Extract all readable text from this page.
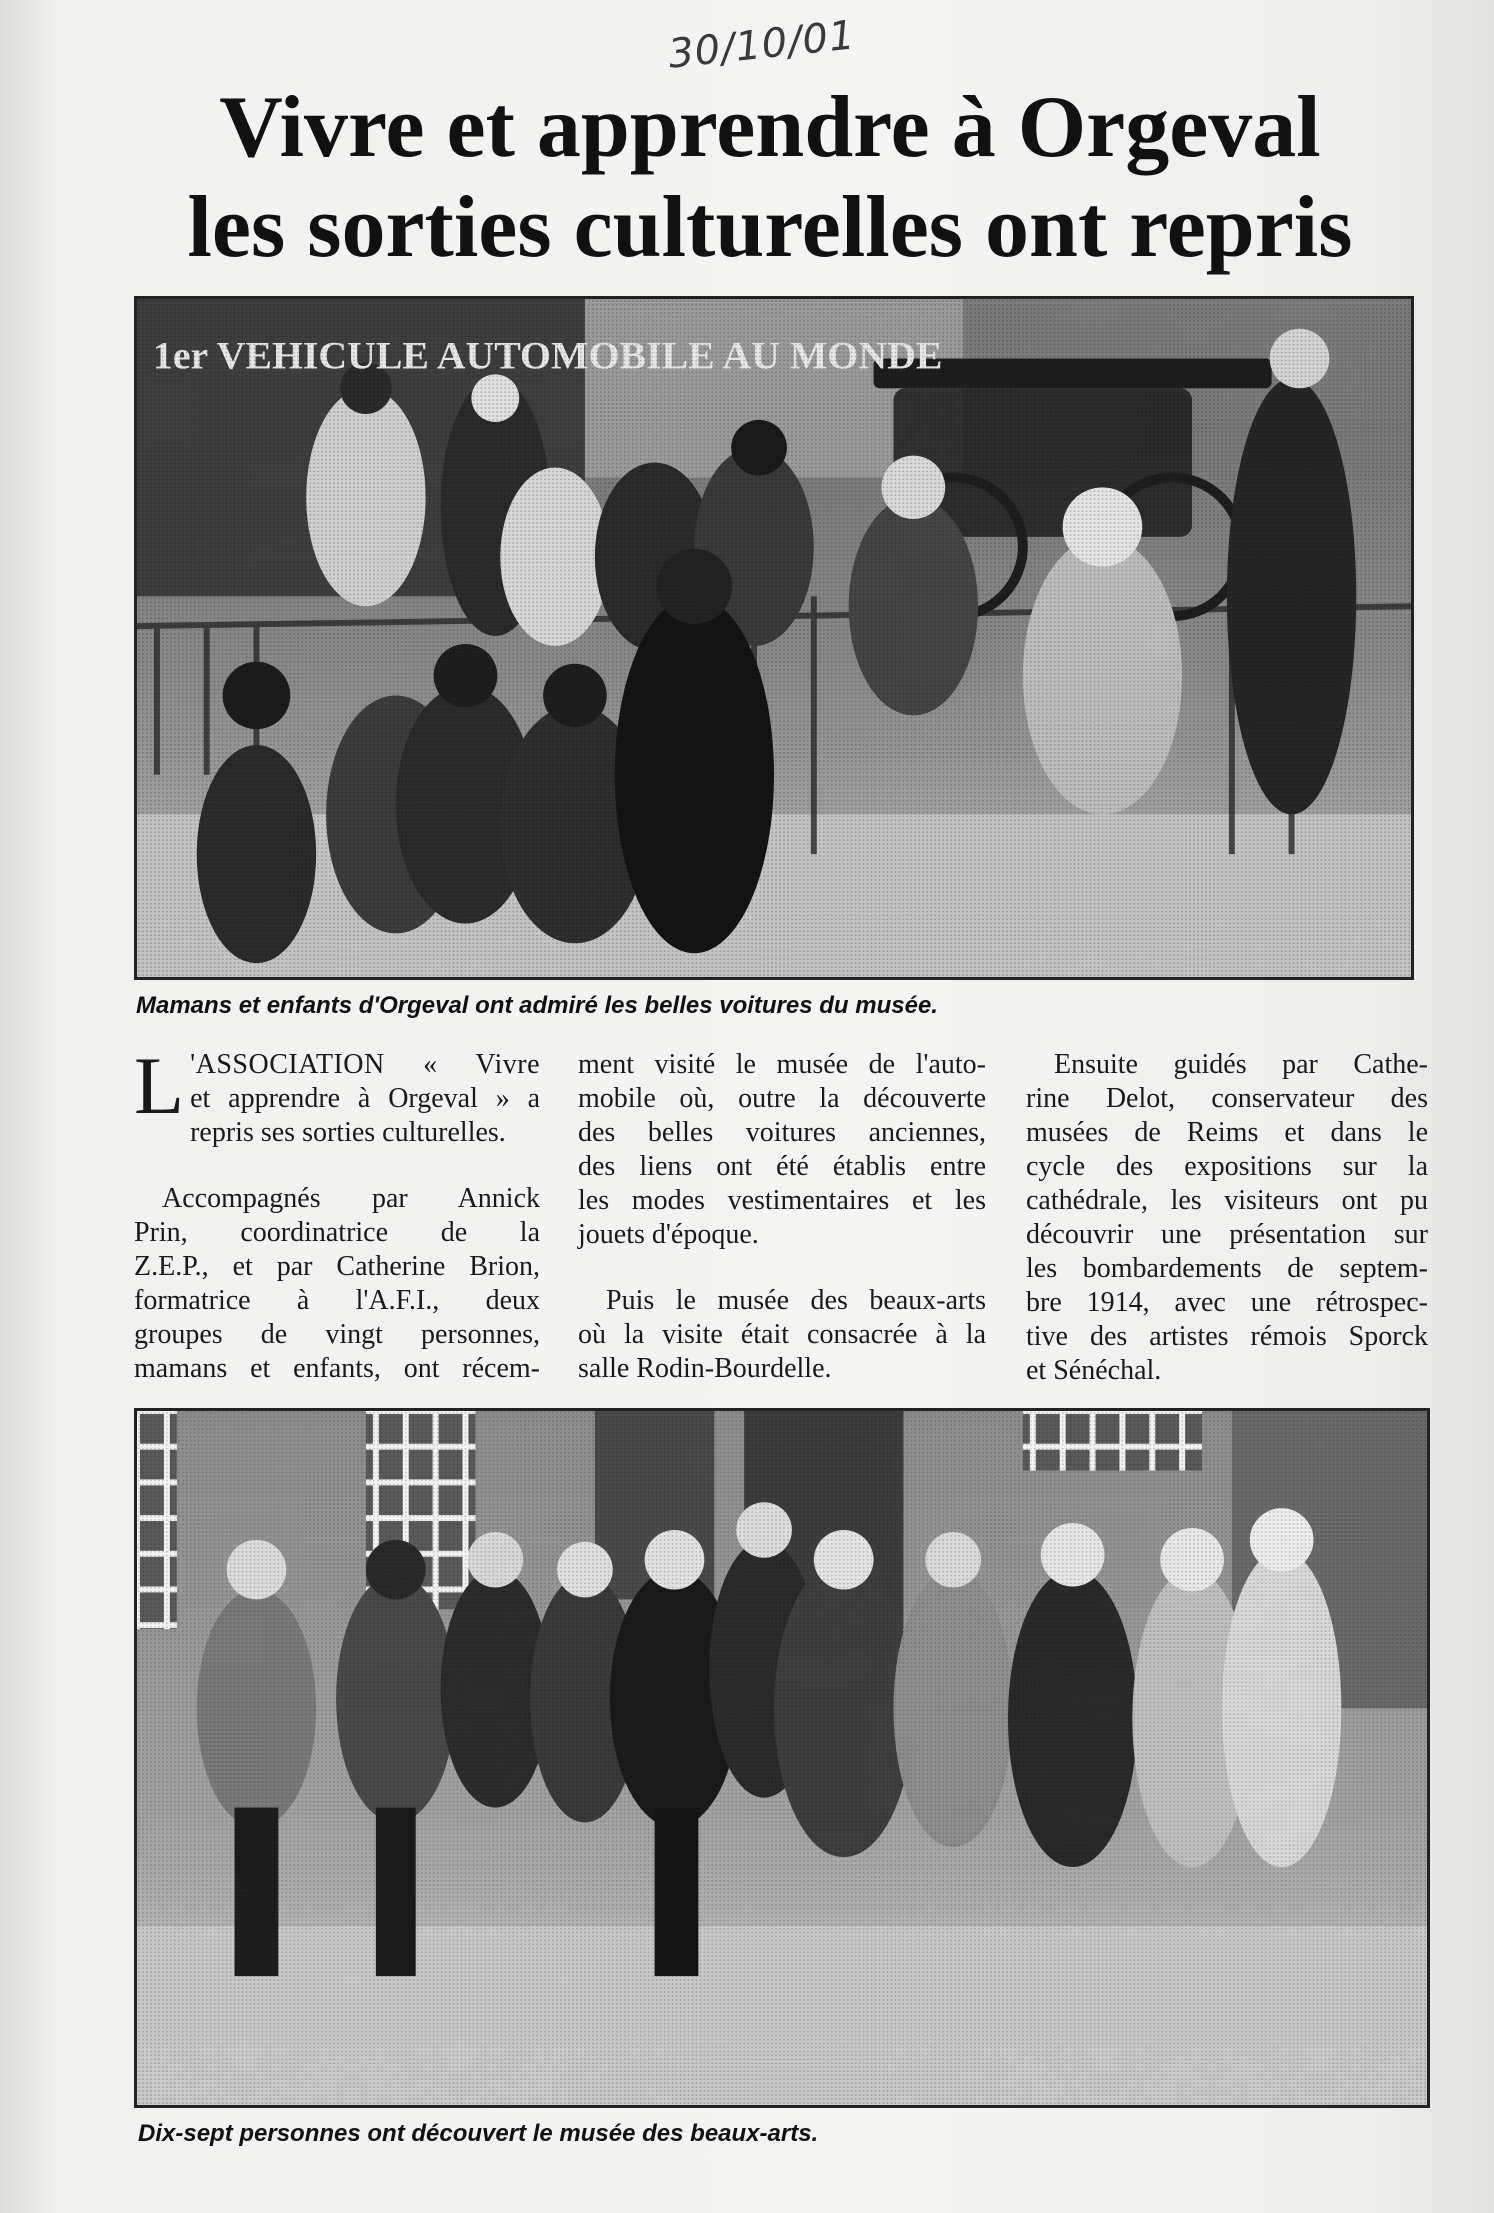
30/10/01
Vivre et apprendre à Orgeval
les sorties culturelles ont repris
Mamans et enfants d'Orgeval ont admiré les belles voitures du musée.

L 'ASSOCIATION « Vivre
et apprendre à Orgeval » a
repris ses sorties culturelles.

Accompagnés par Annick
Prin, coordinatrice de la
Z.E.P., et par Catherine Brion,
formatrice à l'A.F.I., deux
groupes de vingt personnes,
mamans et enfants, ont récem-

ment visité le musée de l'auto-
mobile où, outre la découverte
des belles voitures anciennes,
des liens ont été établis entre
les modes vestimentaires et les
jouets d'époque.

Puis le musée des beaux-arts
où la visite était consacrée à la
salle Rodin-Bourdelle.

Ensuite guidés par Cathe-
rine Delot, conservateur des
musées de Reims et dans le
cycle des expositions sur la
cathédrale, les visiteurs ont pu
découvrir une présentation sur
les bombardements de septem-
bre 1914, avec une rétrospec-
tive des artistes rémois Sporck
et Sénéchal.

Dix-sept personnes ont découvert le musée des beaux-arts.
